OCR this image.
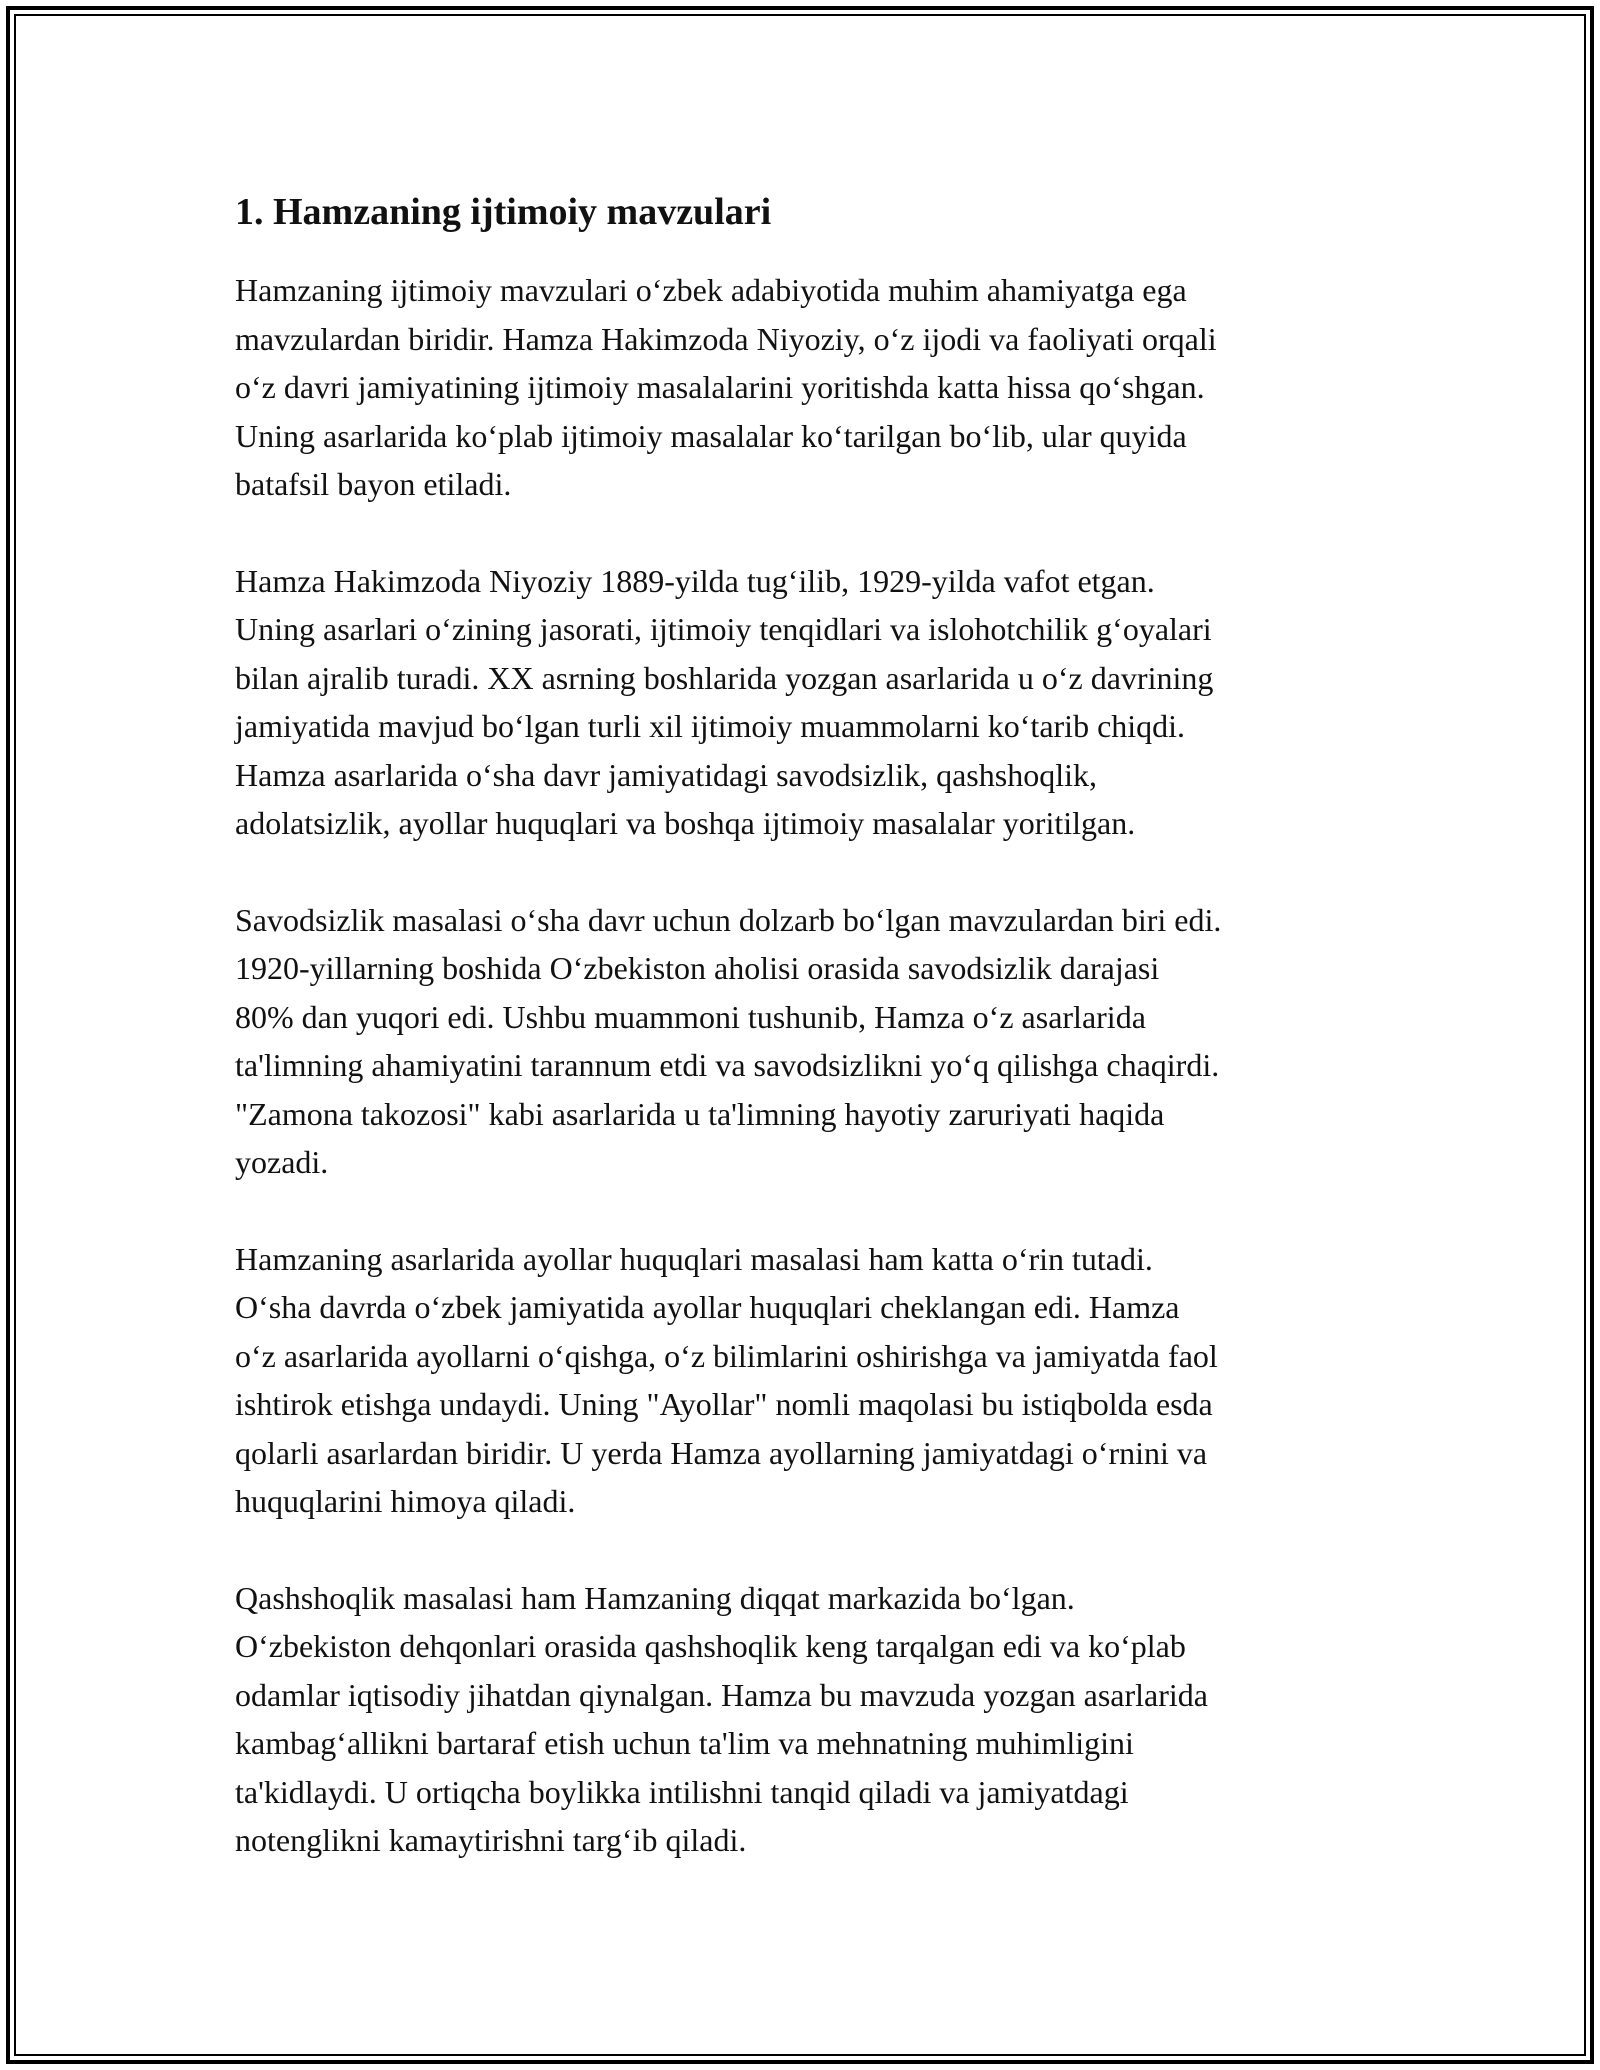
1. Hamzaning ijtimoiy mavzulari

Hamzaning ijtimoiy mavzulari o‘zbek adabiyotida muhim ahamiyatga ega
mavzulardan biridir. Hamza Hakimzoda Niyoziy, o‘z ijodi va faoliyati orqali
o‘z davri jamiyatining ijtimoiy masalalarini yoritishda katta hissa qo‘shgan.
Uning asarlarida ko‘plab ijtimoiy masalalar ko‘tarilgan bo‘lib, ular quyida
batafsil bayon etiladi.

Hamza Hakimzoda Niyoziy 1889-yilda tug‘ilib, 1929-yilda vafot etgan.
Uning asarlari o‘zining jasorati, ijtimoiy tenqidlari va islohotchilik g‘oyalari
bilan ajralib turadi. XX asrning boshlarida yozgan asarlarida u o‘z davrining
jamiyatida mavjud bo‘lgan turli xil ijtimoiy muammolarni ko‘tarib chiqdi.
Hamza asarlarida o‘sha davr jamiyatidagi savodsizlik, qashshoqlik,
adolatsizlik, ayollar huquqlari va boshqa ijtimoiy masalalar yoritilgan.

Savodsizlik masalasi o‘sha davr uchun dolzarb bo‘lgan mavzulardan biri edi.
1920-yillarning boshida O‘zbekiston aholisi orasida savodsizlik darajasi
80% dan yuqori edi. Ushbu muammoni tushunib, Hamza o‘z asarlarida
ta'limning ahamiyatini tarannum etdi va savodsizlikni yo‘q qilishga chaqirdi.
"Zamona takozosi" kabi asarlarida u ta'limning hayotiy zaruriyati haqida
yozadi.

Hamzaning asarlarida ayollar huquqlari masalasi ham katta o‘rin tutadi.
O‘sha davrda o‘zbek jamiyatida ayollar huquqlari cheklangan edi. Hamza
o‘z asarlarida ayollarni o‘qishga, o‘z bilimlarini oshirishga va jamiyatda faol
ishtirok etishga undaydi. Uning "Ayollar" nomli maqolasi bu istiqbolda esda
qolarli asarlardan biridir. U yerda Hamza ayollarning jamiyatdagi o‘rnini va
huquqlarini himoya qiladi.

Qashshoqlik masalasi ham Hamzaning diqqat markazida bo‘lgan.
O‘zbekiston dehqonlari orasida qashshoqlik keng tarqalgan edi va ko‘plab
odamlar iqtisodiy jihatdan qiynalgan. Hamza bu mavzuda yozgan asarlarida
kambag‘allikni bartaraf etish uchun ta'lim va mehnatning muhimligini
ta'kidlaydi. U ortiqcha boylikka intilishni tanqid qiladi va jamiyatdagi
notenglikni kamaytirishni targ‘ib qiladi.
